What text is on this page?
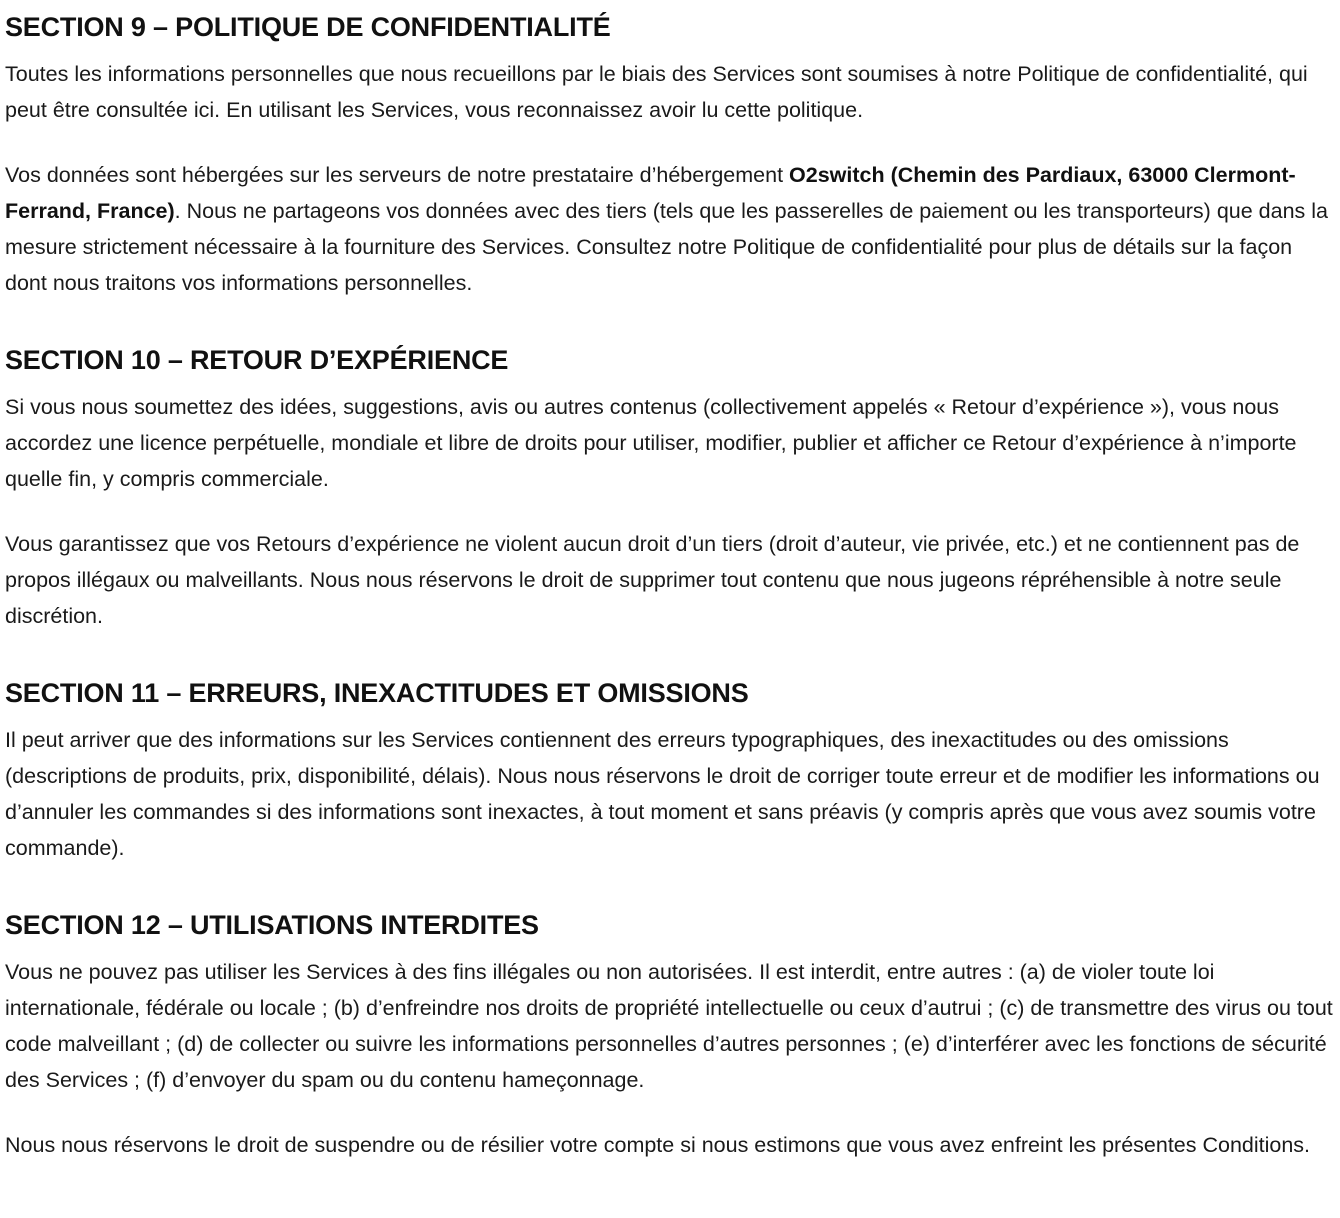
SECTION 9 – POLITIQUE DE CONFIDENTIALITÉ

Toutes les informations personnelles que nous recueillons par le biais des Services sont soumises à notre Politique de confidentialité, qui peut être consultée ici. En utilisant les Services, vous reconnaissez avoir lu cette politique.

Vos données sont hébergées sur les serveurs de notre prestataire d’hébergement O2switch (Chemin des Pardiaux, 63000 Clermont-Ferrand, France). Nous ne partageons vos données avec des tiers (tels que les passerelles de paiement ou les transporteurs) que dans la mesure strictement nécessaire à la fourniture des Services. Consultez notre Politique de confidentialité pour plus de détails sur la façon dont nous traitons vos informations personnelles.

SECTION 10 – RETOUR D’EXPÉRIENCE

Si vous nous soumettez des idées, suggestions, avis ou autres contenus (collectivement appelés « Retour d’expérience »), vous nous accordez une licence perpétuelle, mondiale et libre de droits pour utiliser, modifier, publier et afficher ce Retour d’expérience à n’importe quelle fin, y compris commerciale.

Vous garantissez que vos Retours d’expérience ne violent aucun droit d’un tiers (droit d’auteur, vie privée, etc.) et ne contiennent pas de propos illégaux ou malveillants. Nous nous réservons le droit de supprimer tout contenu que nous jugeons répréhensible à notre seule discrétion.

SECTION 11 – ERREURS, INEXACTITUDES ET OMISSIONS

Il peut arriver que des informations sur les Services contiennent des erreurs typographiques, des inexactitudes ou des omissions (descriptions de produits, prix, disponibilité, délais). Nous nous réservons le droit de corriger toute erreur et de modifier les informations ou d’annuler les commandes si des informations sont inexactes, à tout moment et sans préavis (y compris après que vous avez soumis votre commande).

SECTION 12 – UTILISATIONS INTERDITES

Vous ne pouvez pas utiliser les Services à des fins illégales ou non autorisées. Il est interdit, entre autres : (a) de violer toute loi internationale, fédérale ou locale ; (b) d’enfreindre nos droits de propriété intellectuelle ou ceux d’autrui ; (c) de transmettre des virus ou tout code malveillant ; (d) de collecter ou suivre les informations personnelles d’autres personnes ; (e) d’interférer avec les fonctions de sécurité des Services ; (f) d’envoyer du spam ou du contenu hameçonnage.

Nous nous réservons le droit de suspendre ou de résilier votre compte si nous estimons que vous avez enfreint les présentes Conditions.
